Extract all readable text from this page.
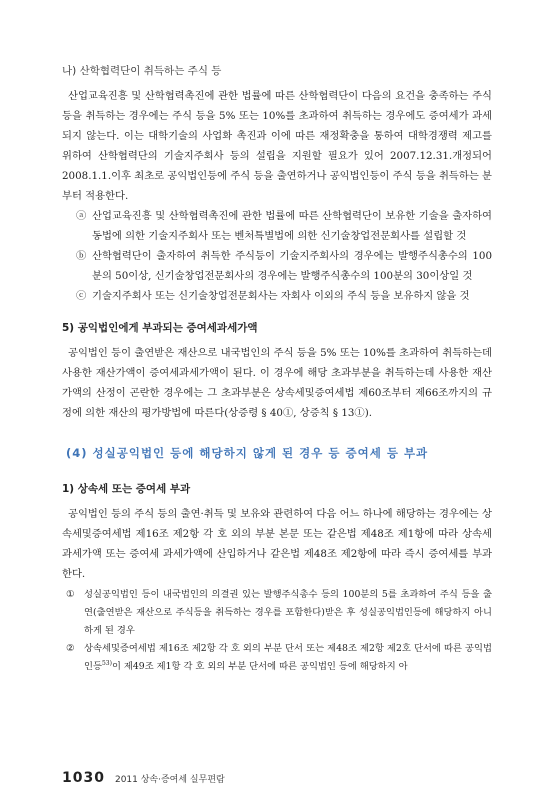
나) 산학협력단이 취득하는 주식 등

산업교육진흥 및 산학협력촉진에 관한 법률에 따른 산학협력단이 다음의 요건을 충족하는 주식 등을 취득하는 경우에는 주식 등을 5% 또는 10%를 초과하여 취득하는 경우에도 증여세가 과세되지 않는다. 이는 대학기술의 사업화 촉진과 이에 따른 재정확충을 통하여 대학경쟁력 제고를 위하여 산학협력단의 기술지주회사 등의 설립을 지원할 필요가 있어 2007.12.31.개정되어 2008.1.1.이후 최초로 공익법인등에 주식 등을 출연하거나 공익법인등이 주식 등을 취득하는 분부터 적용한다.

ⓐ 산업교육진흥 및 산학협력촉진에 관한 법률에 따른 산학협력단이 보유한 기술을 출자하여 동법에 의한 기술지주회사 또는 벤처특별법에 의한 신기술창업전문회사를 설립할 것
ⓑ 산학협력단이 출자하여 취득한 주식등이 기술지주회사의 경우에는 발행주식총수의 100분의 50이상, 신기술창업전문회사의 경우에는 발행주식총수의 100분의 30이상일 것
ⓒ 기술지주회사 또는 신기술창업전문회사는 자회사 이외의 주식 등을 보유하지 않을 것
5) 공익법인에게 부과되는 증여세과세가액

공익법인 등이 출연받은 재산으로 내국법인의 주식 등을 5% 또는 10%를 초과하여 취득하는데 사용한 재산가액이 증여세과세가액이 된다. 이 경우에 해당 초과부분을 취득하는데 사용한 재산가액의 산정이 곤란한 경우에는 그 초과부분은 상속세및증여세법 제60조부터 제66조까지의 규정에 의한 재산의 평가방법에 따른다(상증령 § 40①, 상증칙 § 13①).

(4) 성실공익법인 등에 해당하지 않게 된 경우 등 증여세 등 부과
1) 상속세 또는 증여세 부과

공익법인 등의 주식 등의 출연·취득 및 보유와 관련하여 다음 어느 하나에 해당하는 경우에는 상속세및증여세법 제16조 제2항 각 호 외의 부분 본문 또는 같은법 제48조 제1항에 따라 상속세 과세가액 또는 증여세 과세가액에 산입하거나 같은법 제48조 제2항에 따라 즉시 증여세를 부과한다.

①	성실공익법인 등이 내국법인의 의결권 있는 발행주식총수 등의 100분의 5를 초과하여 주식 등을 출연(출연받은 재산으로 주식등을 취득하는 경우를 포함한다)받은 후 성실공익법인등에 해당하지 아니하게 된 경우
②	상속세및증여세법 제16조 제2항 각 호 외의 부분 단서 또는 제48조 제2항 제2호 단서에 따른 공익법인등$^{53)}$이 제49조 제1항 각 호 외의 부분 단서에 따른 공익법인 등에 해당하지 아
1030 2011 상속·증여세 실무편람
